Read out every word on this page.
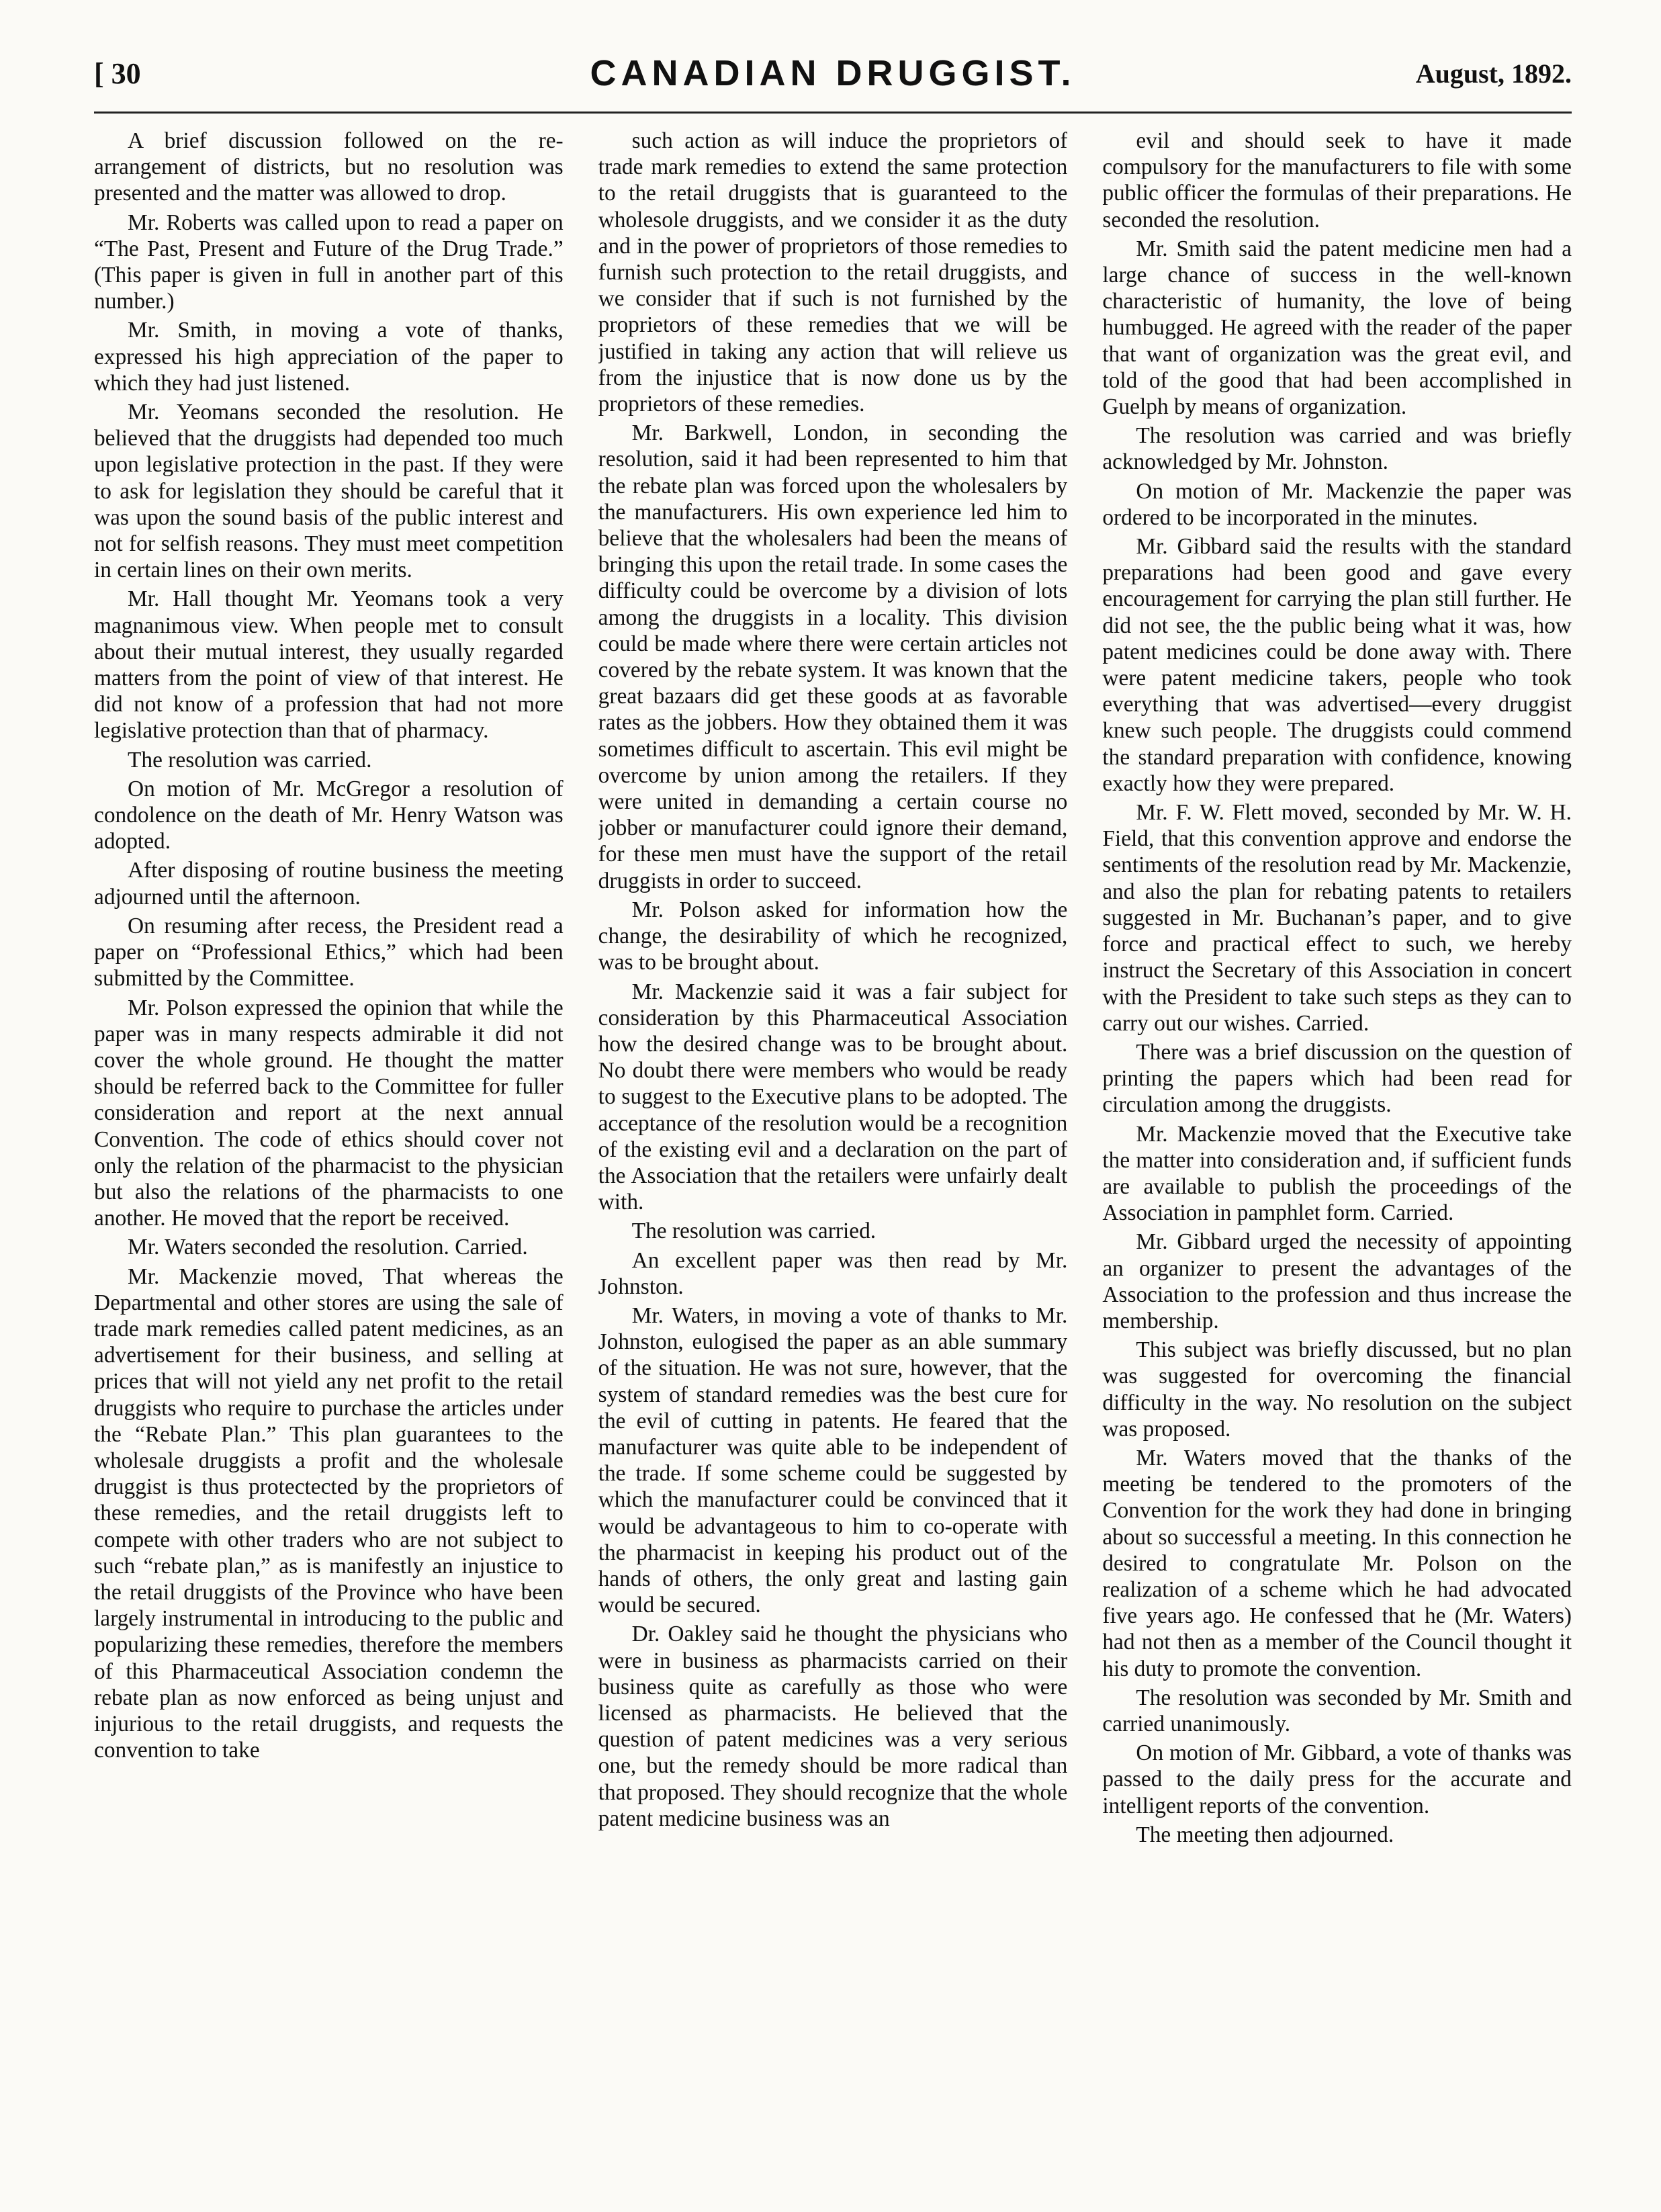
[ 30	CANADIAN DRUGGIST.	August, 1892.

A brief discussion followed on the re-arrangement of districts, but no resolution was presented and the matter was allowed to drop.

Mr. Roberts was called upon to read a paper on “The Past, Present and Future of the Drug Trade.” (This paper is given in full in another part of this number.)

Mr. Smith, in moving a vote of thanks, expressed his high appreciation of the paper to which they had just listened.

Mr. Yeomans seconded the resolution. He believed that the druggists had depended too much upon legislative protection in the past. If they were to ask for legislation they should be careful that it was upon the sound basis of the public interest and not for selfish reasons. They must meet competition in certain lines on their own merits.

Mr. Hall thought Mr. Yeomans took a very magnanimous view. When people met to consult about their mutual interest, they usually regarded matters from the point of view of that interest. He did not know of a profession that had not more legislative protection than that of pharmacy.

The resolution was carried.

On motion of Mr. McGregor a resolution of condolence on the death of Mr. Henry Watson was adopted.

After disposing of routine business the meeting adjourned until the afternoon.

On resuming after recess, the President read a paper on “Professional Ethics,” which had been submitted by the Committee.

Mr. Polson expressed the opinion that while the paper was in many respects admirable it did not cover the whole ground. He thought the matter should be referred back to the Committee for fuller consideration and report at the next annual Convention. The code of ethics should cover not only the relation of the pharmacist to the physician but also the relations of the pharmacists to one another. He moved that the report be received.

Mr. Waters seconded the resolution. Carried.

Mr. Mackenzie moved, That whereas the Departmental and other stores are using the sale of trade mark remedies called patent medicines, as an advertisement for their business, and selling at prices that will not yield any net profit to the retail druggists who require to purchase the articles under the “Rebate Plan.” This plan guarantees to the wholesale druggists a profit and the wholesale druggist is thus protectected by the proprietors of these remedies, and the retail druggists left to compete with other traders who are not subject to such “rebate plan,” as is manifestly an injustice to the retail druggists of the Province who have been largely instrumental in introducing to the public and popularizing these remedies, therefore the members of this Pharmaceutical Association condemn the rebate plan as now enforced as being unjust and injurious to the retail druggists, and requests the convention to take

such action as will induce the proprietors of trade mark remedies to extend the same protection to the retail druggists that is guaranteed to the wholesole druggists, and we consider it as the duty and in the power of proprietors of those remedies to furnish such protection to the retail druggists, and we consider that if such is not furnished by the proprietors of these remedies that we will be justified in taking any action that will relieve us from the injustice that is now done us by the proprietors of these remedies.

Mr. Barkwell, London, in seconding the resolution, said it had been represented to him that the rebate plan was forced upon the wholesalers by the manufacturers. His own experience led him to believe that the wholesalers had been the means of bringing this upon the retail trade. In some cases the difficulty could be overcome by a division of lots among the druggists in a locality. This division could be made where there were certain articles not covered by the rebate system. It was known that the great bazaars did get these goods at as favorable rates as the jobbers. How they obtained them it was sometimes difficult to ascertain. This evil might be overcome by union among the retailers. If they were united in demanding a certain course no jobber or manufacturer could ignore their demand, for these men must have the support of the retail druggists in order to succeed.

Mr. Polson asked for information how the change, the desirability of which he recognized, was to be brought about.

Mr. Mackenzie said it was a fair subject for consideration by this Pharmaceutical Association how the desired change was to be brought about. No doubt there were members who would be ready to suggest to the Executive plans to be adopted. The acceptance of the resolution would be a recognition of the existing evil and a declaration on the part of the Association that the retailers were unfairly dealt with.

The resolution was carried.

An excellent paper was then read by Mr. Johnston.

Mr. Waters, in moving a vote of thanks to Mr. Johnston, eulogised the paper as an able summary of the situation. He was not sure, however, that the system of standard remedies was the best cure for the evil of cutting in patents. He feared that the manufacturer was quite able to be independent of the trade. If some scheme could be suggested by which the manufacturer could be convinced that it would be advantageous to him to co-operate with the pharmacist in keeping his product out of the hands of others, the only great and lasting gain would be secured.

Dr. Oakley said he thought the physicians who were in business as pharmacists carried on their business quite as carefully as those who were licensed as pharmacists. He believed that the question of patent medicines was a very serious one, but the remedy should be more radical than that proposed. They should recognize that the whole patent medicine business was an

evil and should seek to have it made compulsory for the manufacturers to file with some public officer the formulas of their preparations. He seconded the resolution.

Mr. Smith said the patent medicine men had a large chance of success in the well-known characteristic of humanity, the love of being humbugged. He agreed with the reader of the paper that want of organization was the great evil, and told of the good that had been accomplished in Guelph by means of organization.

The resolution was carried and was briefly acknowledged by Mr. Johnston.

On motion of Mr. Mackenzie the paper was ordered to be incorporated in the minutes.

Mr. Gibbard said the results with the standard preparations had been good and gave every encouragement for carrying the plan still further. He did not see, the the public being what it was, how patent medicines could be done away with. There were patent medicine takers, people who took everything that was advertised—every druggist knew such people. The druggists could commend the standard preparation with confidence, knowing exactly how they were prepared.

Mr. F. W. Flett moved, seconded by Mr. W. H. Field, that this convention approve and endorse the sentiments of the resolution read by Mr. Mackenzie, and also the plan for rebating patents to retailers suggested in Mr. Buchanan’s paper, and to give force and practical effect to such, we hereby instruct the Secretary of this Association in concert with the President to take such steps as they can to carry out our wishes. Carried.

There was a brief discussion on the question of printing the papers which had been read for circulation among the druggists.

Mr. Mackenzie moved that the Executive take the matter into consideration and, if sufficient funds are available to publish the proceedings of the Association in pamphlet form. Carried.

Mr. Gibbard urged the necessity of appointing an organizer to present the advantages of the Association to the profession and thus increase the membership.

This subject was briefly discussed, but no plan was suggested for overcoming the financial difficulty in the way. No resolution on the subject was proposed.

Mr. Waters moved that the thanks of the meeting be tendered to the promoters of the Convention for the work they had done in bringing about so successful a meeting. In this connection he desired to congratulate Mr. Polson on the realization of a scheme which he had advocated five years ago. He confessed that he (Mr. Waters) had not then as a member of the Council thought it his duty to promote the convention.

The resolution was seconded by Mr. Smith and carried unanimously.

On motion of Mr. Gibbard, a vote of thanks was passed to the daily press for the accurate and intelligent reports of the convention.

The meeting then adjourned.
